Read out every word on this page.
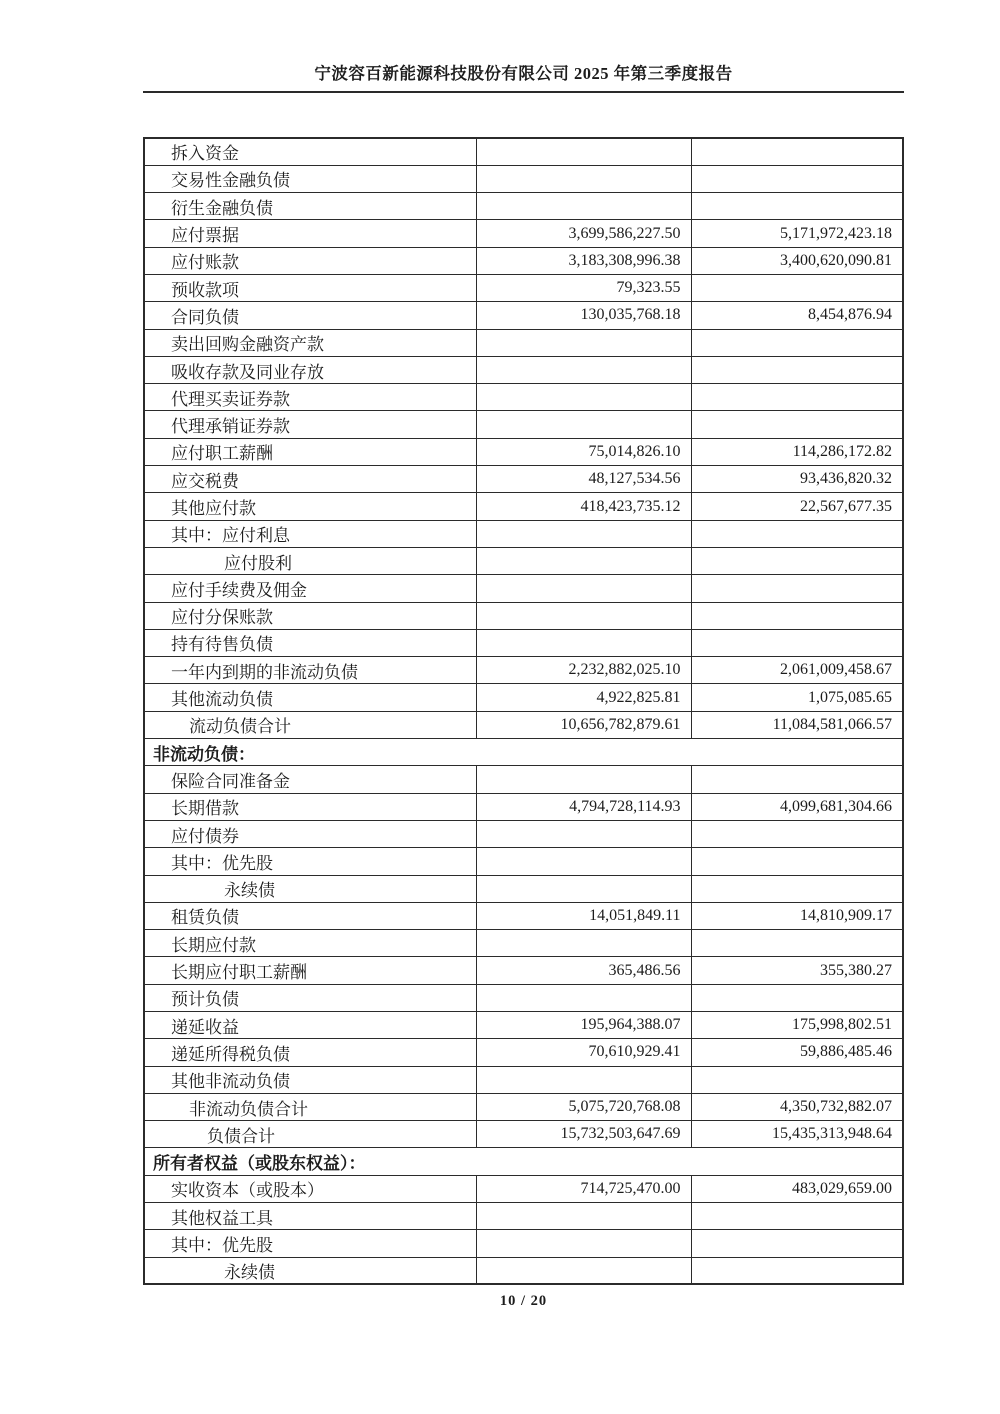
宁波容百新能源科技股份有限公司 2025 年第三季度报告
拆入资金		
交易性金融负债		
衍生金融负债		
应付票据	3,699,586,227.50	5,171,972,423.18
应付账款	3,183,308,996.38	3,400,620,090.81
预收款项	79,323.55	
合同负债	130,035,768.18	8,454,876.94
卖出回购金融资产款		
吸收存款及同业存放		
代理买卖证券款		
代理承销证券款		
应付职工薪酬	75,014,826.10	114,286,172.82
应交税费	48,127,534.56	93,436,820.32
其他应付款	418,423,735.12	22,567,677.35
其中：应付利息		
应付股利		
应付手续费及佣金		
应付分保账款		
持有待售负债		
一年内到期的非流动负债	2,232,882,025.10	2,061,009,458.67
其他流动负债	4,922,825.81	1,075,085.65
流动负债合计	10,656,782,879.61	11,084,581,066.57
非流动负债：		
保险合同准备金		
长期借款	4,794,728,114.93	4,099,681,304.66
应付债券		
其中：优先股		
永续债		
租赁负债	14,051,849.11	14,810,909.17
长期应付款		
长期应付职工薪酬	365,486.56	355,380.27
预计负债		
递延收益	195,964,388.07	175,998,802.51
递延所得税负债	70,610,929.41	59,886,485.46
其他非流动负债		
非流动负债合计	5,075,720,768.08	4,350,732,882.07
负债合计	15,732,503,647.69	15,435,313,948.64
所有者权益（或股东权益）：		
实收资本（或股本）	714,725,470.00	483,029,659.00
其他权益工具		
其中：优先股		
永续债		
10 / 20
